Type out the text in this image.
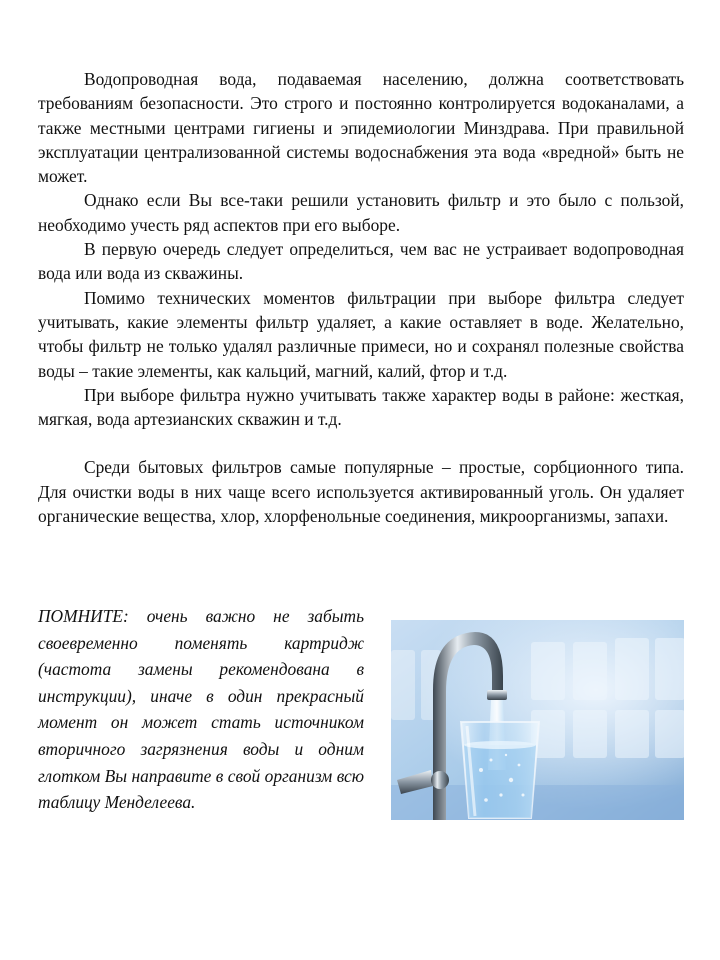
Водопроводная вода, подаваемая населению, должна соответствовать требованиям безопасности. Это строго и постоянно контролируется водоканалами, а также местными центрами гигиены и эпидемиологии Минздрава. При правильной эксплуатации централизованной системы водоснабжения эта вода «вредной» быть не может.

Однако если Вы все-таки решили установить фильтр и это было с пользой, необходимо учесть ряд аспектов при его выборе.

В первую очередь следует определиться, чем вас не устраивает водопроводная вода или вода из скважины.

Помимо технических моментов фильтрации при выборе фильтра следует учитывать, какие элементы фильтр удаляет, а какие оставляет в воде. Желательно, чтобы фильтр не только удалял различные примеси, но и сохранял полезные свойства воды – такие элементы, как кальций, магний, калий, фтор и т.д.

При выборе фильтра нужно учитывать также характер воды в районе: жесткая, мягкая, вода артезианских скважин и т.д.

Среди бытовых фильтров самые популярные – простые, сорбционного типа. Для очистки воды в них чаще всего используется активированный уголь. Он удаляет органические вещества, хлор, хлорфенольные соединения, микроорганизмы, запахи.

ПОМНИТЕ: очень важно не забыть своевременно поменять картридж (частота замены рекомендована в инструкции), иначе в один прекрасный момент он может стать источником вторичного загрязнения воды и одним глотком Вы направите в свой организм всю таблицу Менделеева.
